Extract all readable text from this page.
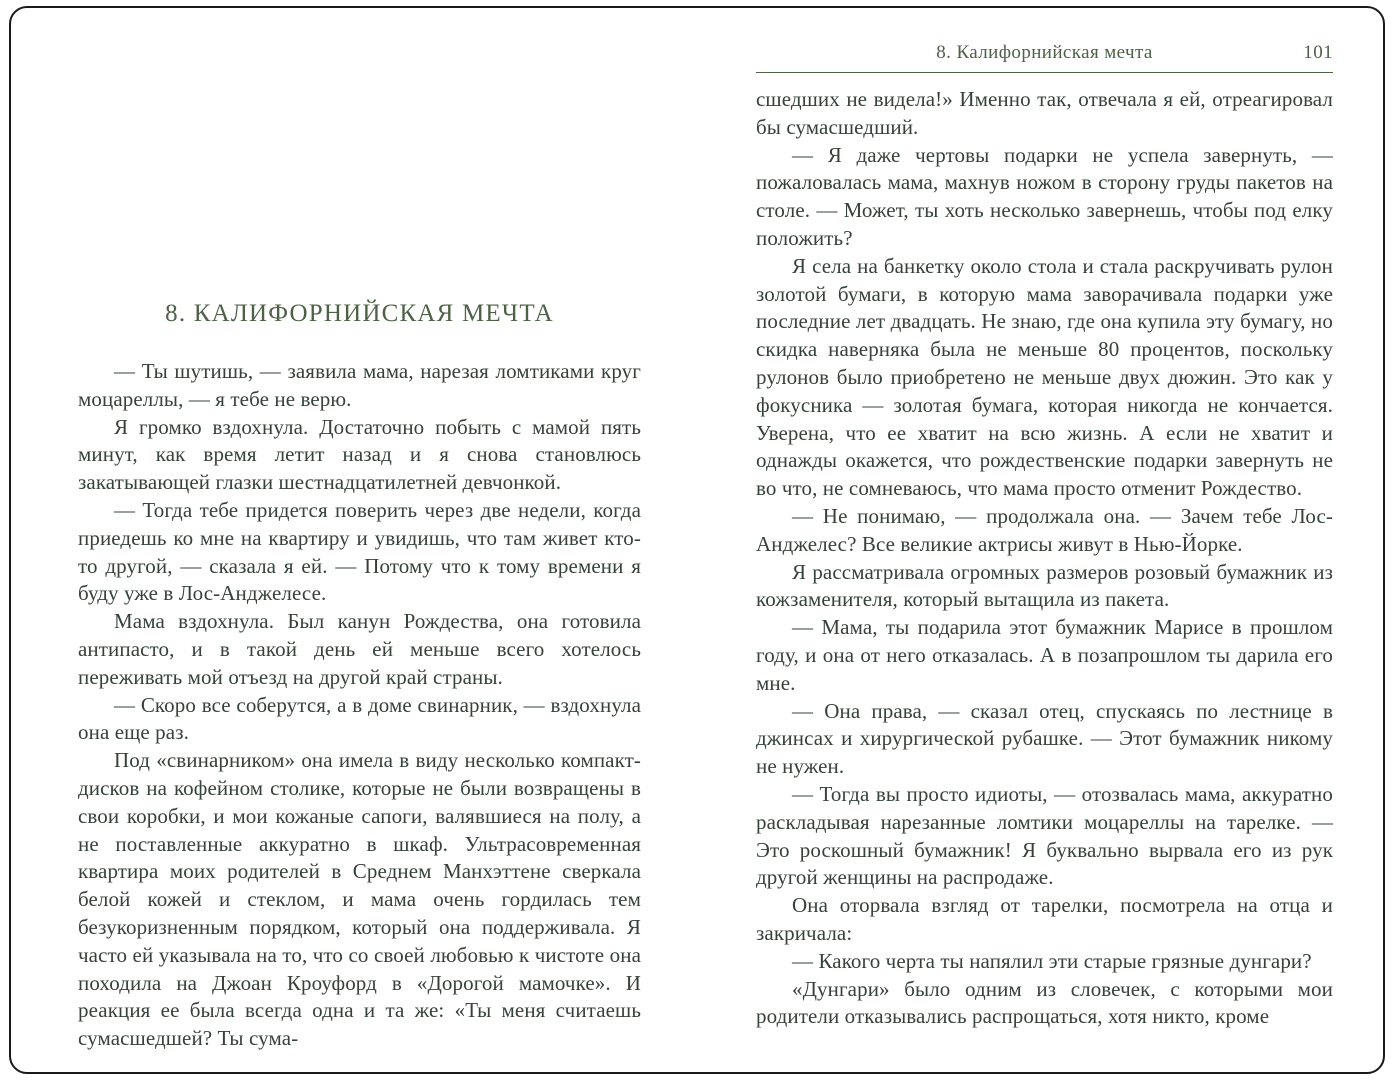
8. КАЛИФОРНИЙСКАЯ МЕЧТА

— Ты шутишь, — заявила мама, нарезая ломтиками круг моцареллы, — я тебе не верю.

Я громко вздохнула. Достаточно побыть с мамой пять минут, как время летит назад и я снова становлюсь закатывающей глазки шестнадцатилетней девчонкой.

— Тогда тебе придется поверить через две недели, когда приедешь ко мне на квартиру и увидишь, что там живет кто-то другой, — сказала я ей. — Потому что к тому времени я буду уже в Лос-Анджелесе.

Мама вздохнула. Был канун Рождества, она готовила антипасто, и в такой день ей меньше всего хотелось переживать мой отъезд на другой край страны.

— Скоро все соберутся, а в доме свинарник, — вздохнула она еще раз.

Под «свинарником» она имела в виду несколько компакт-дисков на кофейном столике, которые не были возвращены в свои коробки, и мои кожаные сапоги, валявшиеся на полу, а не поставленные аккуратно в шкаф. Ультрасовременная квартира моих родителей в Среднем Манхэттене сверкала белой кожей и стеклом, и мама очень гордилась тем безукоризненным порядком, который она поддерживала. Я часто ей указывала на то, что со своей любовью к чистоте она походила на Джоан Кроуфорд в «Дорогой мамочке». И реакция ее была всегда одна и та же: «Ты меня считаешь сумасшедшей? Ты сума-

8. Калифорнийская мечта	101

сшедших не видела!» Именно так, отвечала я ей, отреагировал бы сумасшедший.

— Я даже чертовы подарки не успела завернуть, — пожаловалась мама, махнув ножом в сторону груды пакетов на столе. — Может, ты хоть несколько завернешь, чтобы под елку положить?

Я села на банкетку около стола и стала раскручивать рулон золотой бумаги, в которую мама заворачивала подарки уже последние лет двадцать. Не знаю, где она купила эту бумагу, но скидка наверняка была не меньше 80 процентов, поскольку рулонов было приобретено не меньше двух дюжин. Это как у фокусника — золотая бумага, которая никогда не кончается. Уверена, что ее хватит на всю жизнь. А если не хватит и однажды окажется, что рождественские подарки завернуть не во что, не сомневаюсь, что мама просто отменит Рождество.

— Не понимаю, — продолжала она. — Зачем тебе Лос-Анджелес? Все великие актрисы живут в Нью-Йорке.

Я рассматривала огромных размеров розовый бумажник из кожзаменителя, который вытащила из пакета.

— Мама, ты подарила этот бумажник Марисе в прошлом году, и она от него отказалась. А в позапрошлом ты дарила его мне.

— Она права, — сказал отец, спускаясь по лестнице в джинсах и хирургической рубашке. — Этот бумажник никому не нужен.

— Тогда вы просто идиоты, — отозвалась мама, аккуратно раскладывая нарезанные ломтики моцареллы на тарелке. — Это роскошный бумажник! Я буквально вырвала его из рук другой женщины на распродаже.

Она оторвала взгляд от тарелки, посмотрела на отца и закричала:

— Какого черта ты напялил эти старые грязные дунгари?

«Дунгари» было одним из словечек, с которыми мои родители отказывались распрощаться, хотя никто, кроме
